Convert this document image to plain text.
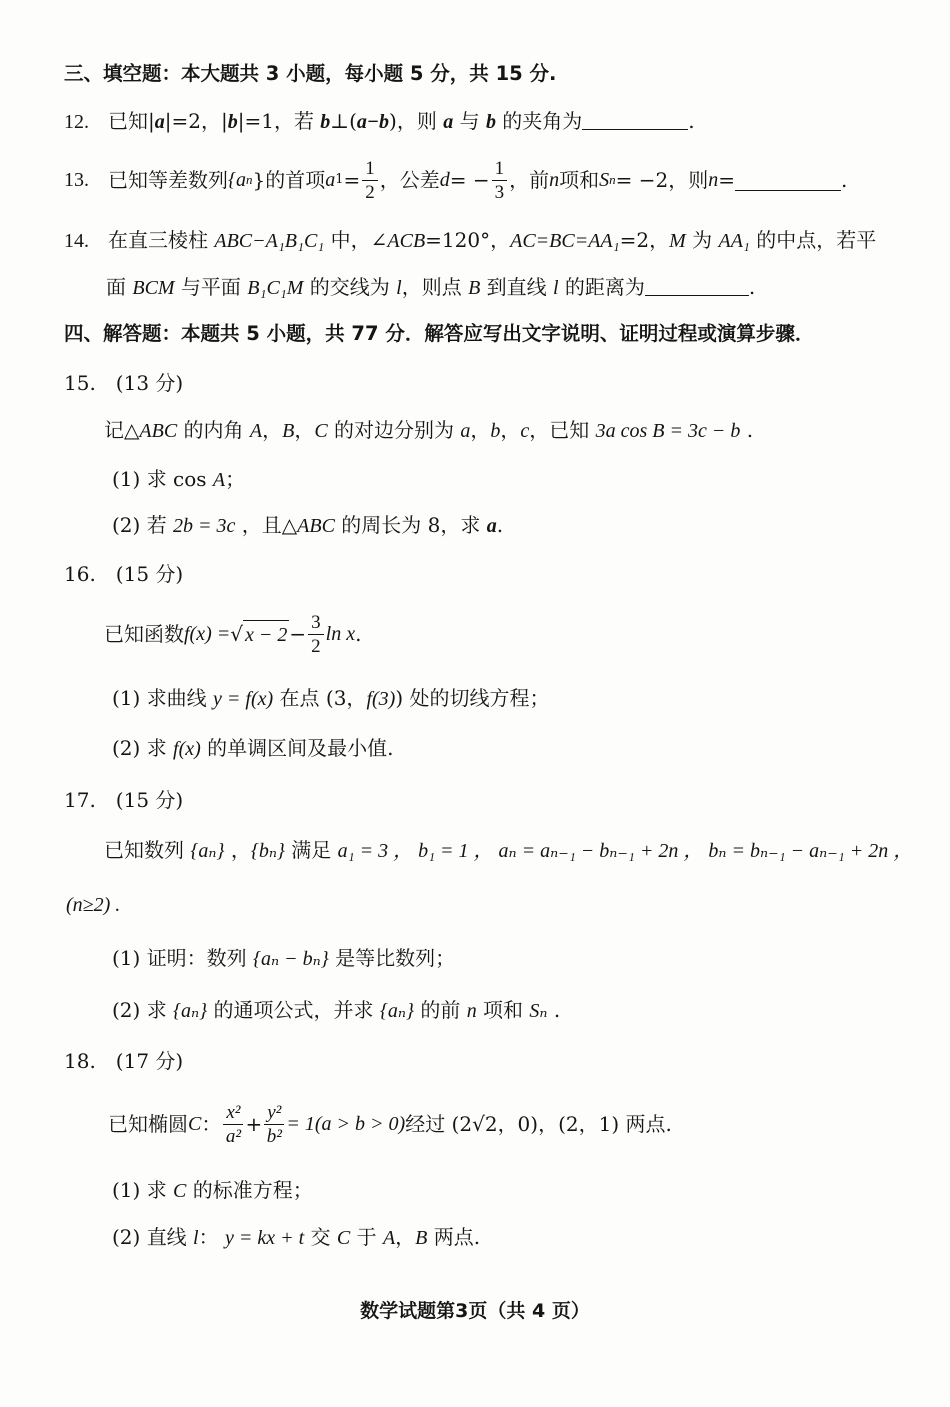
三、填空题：本大题共 3 小题，每小题 5 分，共 15 分.
12. 已知|a|=2，|b|=1，若 b⊥(a−b)，则 a 与 b 的夹角为	.
13. 已知等差数列 {a n } 的首项 a $1 = \frac{1}{2}$ ，公差 d = − $\frac{1}{3}$ ，前 n 项和 S n = −2，则 n =	.
14. 在直三棱柱 ABC−A₁B₁C₁ 中，∠ACB=120°，AC=BC=AA₁=2，M 为 AA₁ 的中点，若平
面 BCM 与平面 B₁C₁M 的交线为 l，则点 B 到直线 l 的距离为	.
四、解答题：本题共 5 小题，共 77 分．解答应写出文字说明、证明过程或演算步骤．
15.　(13 分)
记△ABC 的内角 A，B，C 的对边分别为 a，b，c，已知 3a cos B = 3c − b .
(1) 求 cos A；
(2) 若 2b = 3c ，且△ABC 的周长为 8，求 a.
16.　(15 分)
已知函数 f(x) = √ $x - 2 - \frac{3}{2}$ ln x .
(1) 求曲线 y = f(x) 在点 (3，f(3)) 处的切线方程；
(2) 求 f(x) 的单调区间及最小值.
17.　(15 分)
已知数列 {aₙ} ，{bₙ} 满足 a₁ = 3 ， b₁ = 1 ， aₙ = aₙ₋₁ − bₙ₋₁ + 2n ， bₙ = bₙ₋₁ − aₙ₋₁ + 2n ，
(n≥2) .
(1) 证明：数列 {aₙ − bₙ} 是等比数列；
(2) 求 {aₙ} 的通项公式，并求 {aₙ} 的前 n 项和 Sₙ .
18.　(17 分)
已知椭圆 C ： $\frac{\text{x²}}{\text{a²}} + \frac{\text{y²}}{\text{b²}} = 1(a > b > 0)$ 经过 (2 √2 ，0)，(2，1) 两点.
(1) 求 C 的标准方程；
(2) 直线 l： y = kx + t 交 C 于 A，B 两点.
数学试题第3页（共 4 页）
